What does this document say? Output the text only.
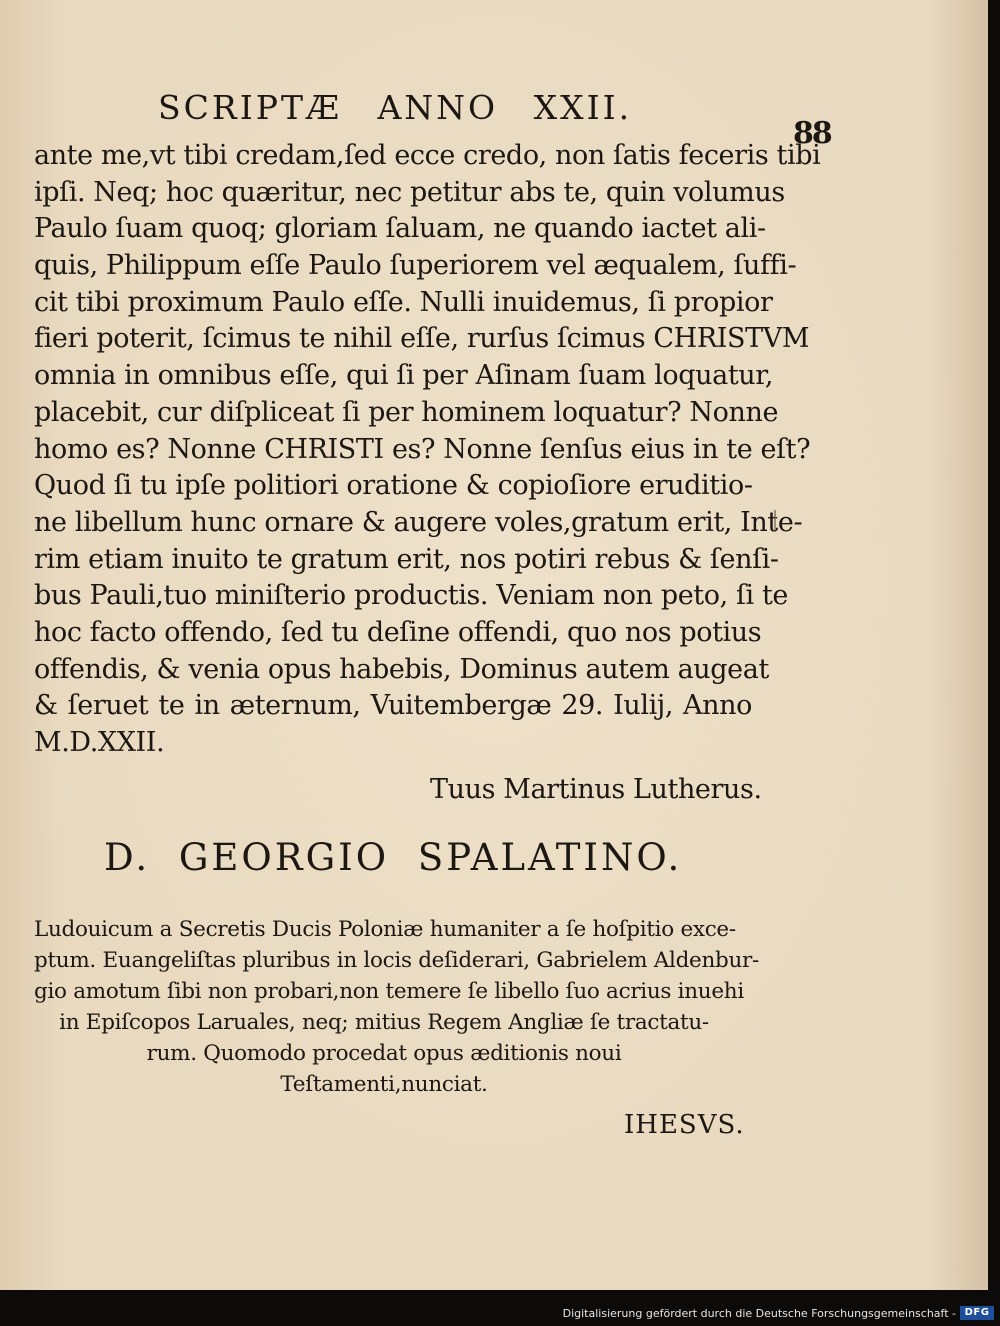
SCRIPTÆ ANNO XXII.
88
ante me,vt tibi credam,ſed ecce credo, non ſatis feceris tibi
ipſi. Neq; hoc quæritur, nec petitur abs te, quin volumus
Paulo ſuam quoq; gloriam ſaluam, ne quando iactet ali-
quis, Philippum eſſe Paulo ſuperiorem vel æqualem, ſuffi-
cit tibi proximum Paulo eſſe. Nulli inuidemus, ſi propior
fieri poterit, ſcimus te nihil eſſe, rurſus ſcimus CHRISTVM
omnia in omnibus eſſe, qui ſi per Aſinam ſuam loquatur,
placebit, cur diſpliceat ſi per hominem loquatur? Nonne
homo es? Nonne CHRISTI es? Nonne ſenſus eius in te eſt?
Quod ſi tu ipſe politiori oratione & copioſiore eruditio-
ne libellum hunc ornare & augere voles,gratum erit, Inte-
rim etiam inuito te gratum erit, nos potiri rebus & ſenſi-
bus Pauli,tuo miniſterio productis. Veniam non peto, ſi te
hoc facto offendo, ſed tu deſine offendi, quo nos potius
offendis, & venia opus habebis, Dominus autem augeat
& ſeruet te in æternum, Vuitembergæ 29. Iulij, Anno
M.D.XXII.
Tuus Martinus Lutherus.
D. GEORGIO SPALATINO.
Ludouicum a Secretis Ducis Poloniæ humaniter a ſe hoſpitio exce-
ptum. Euangeliſtas pluribus in locis deſiderari, Gabrielem Aldenbur-
gio amotum ſibi non probari,non temere ſe libello ſuo acrius inuehi
in Epiſcopos Laruales, neq; mitius Regem Angliæ ſe tractatu-
rum. Quomodo procedat opus æditionis noui
Teſtamenti,nunciat.
IHESVS.
Digitalisierung gefördert durch die Deutsche Forschungsgemeinschaft - DFG
